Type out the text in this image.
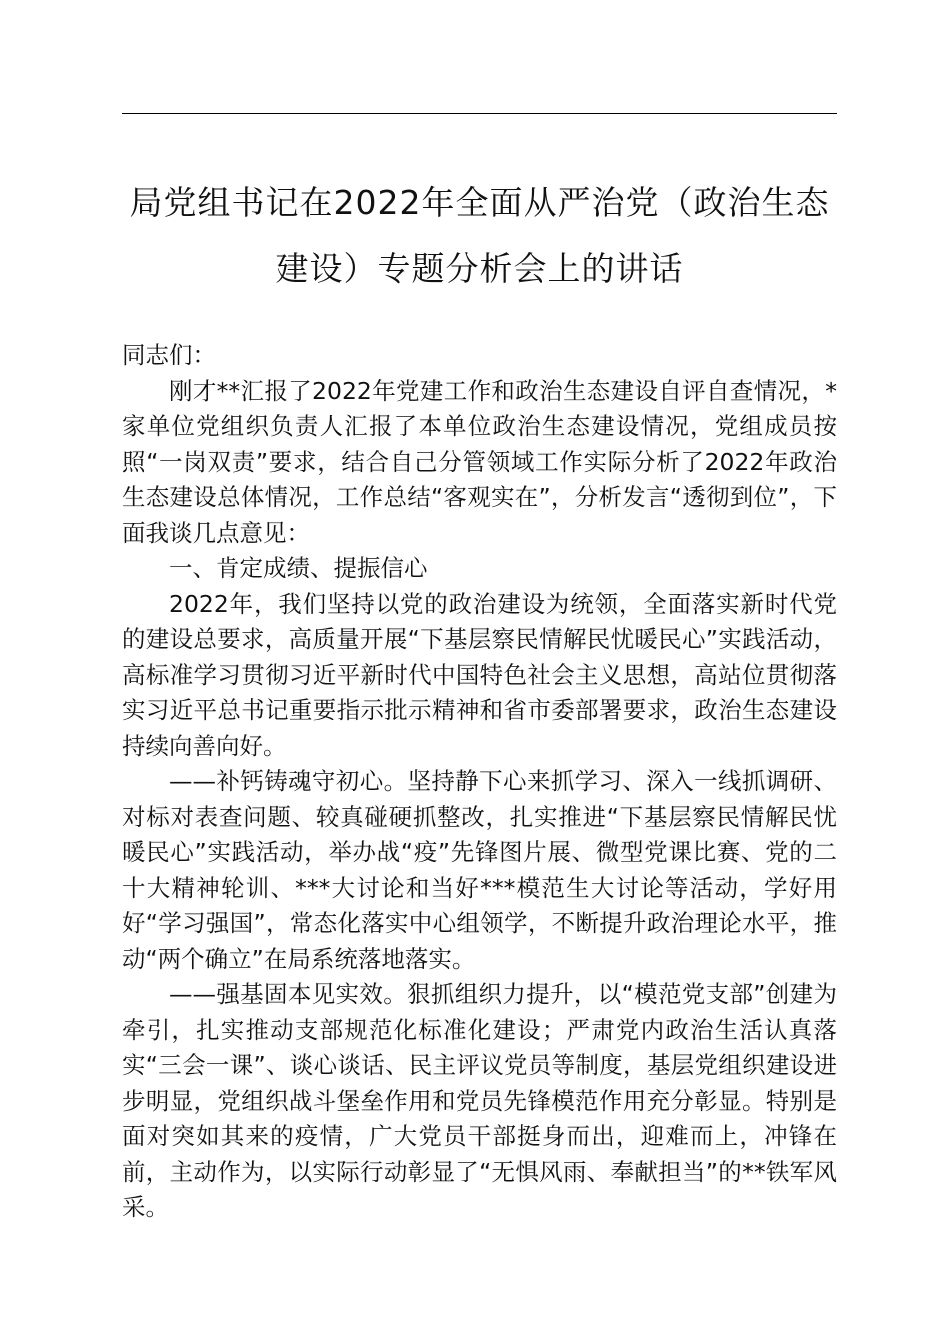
局党组书记在2022年全面从严治党（政治生态建设）专题分析会上的讲话

同志们：

刚才**汇报了2022年党建工作和政治生态建设自评自查情况，*家单位党组织负责人汇报了本单位政治生态建设情况，党组成员按照“一岗双责”要求，结合自己分管领域工作实际分析了2022年政治生态建设总体情况，工作总结“客观实在”，分析发言“透彻到位”，下面我谈几点意见：

一、肯定成绩、提振信心

2022年，我们坚持以党的政治建设为统领，全面落实新时代党的建设总要求，高质量开展“下基层察民情解民忧暖民心”实践活动，高标准学习贯彻习近平新时代中国特色社会主义思想，高站位贯彻落实习近平总书记重要指示批示精神和省市委部署要求，政治生态建设持续向善向好。

——补钙铸魂守初心。坚持静下心来抓学习、深入一线抓调研、对标对表查问题、较真碰硬抓整改，扎实推进“下基层察民情解民忧暖民心”实践活动，举办战“疫”先锋图片展、微型党课比赛、党的二十大精神轮训、***大讨论和当好***模范生大讨论等活动，学好用好“学习强国”，常态化落实中心组领学，不断提升政治理论水平，推动“两个确立”在局系统落地落实。

——强基固本见实效。狠抓组织力提升，以“模范党支部”创建为牵引，扎实推动支部规范化标准化建设；严肃党内政治生活认真落实“三会一课”、谈心谈话、民主评议党员等制度，基层党组织建设进步明显，党组织战斗堡垒作用和党员先锋模范作用充分彰显。特别是面对突如其来的疫情，广大党员干部挺身而出，迎难而上，冲锋在前，主动作为，以实际行动彰显了“无惧风雨、奉献担当”的**铁军风采。
